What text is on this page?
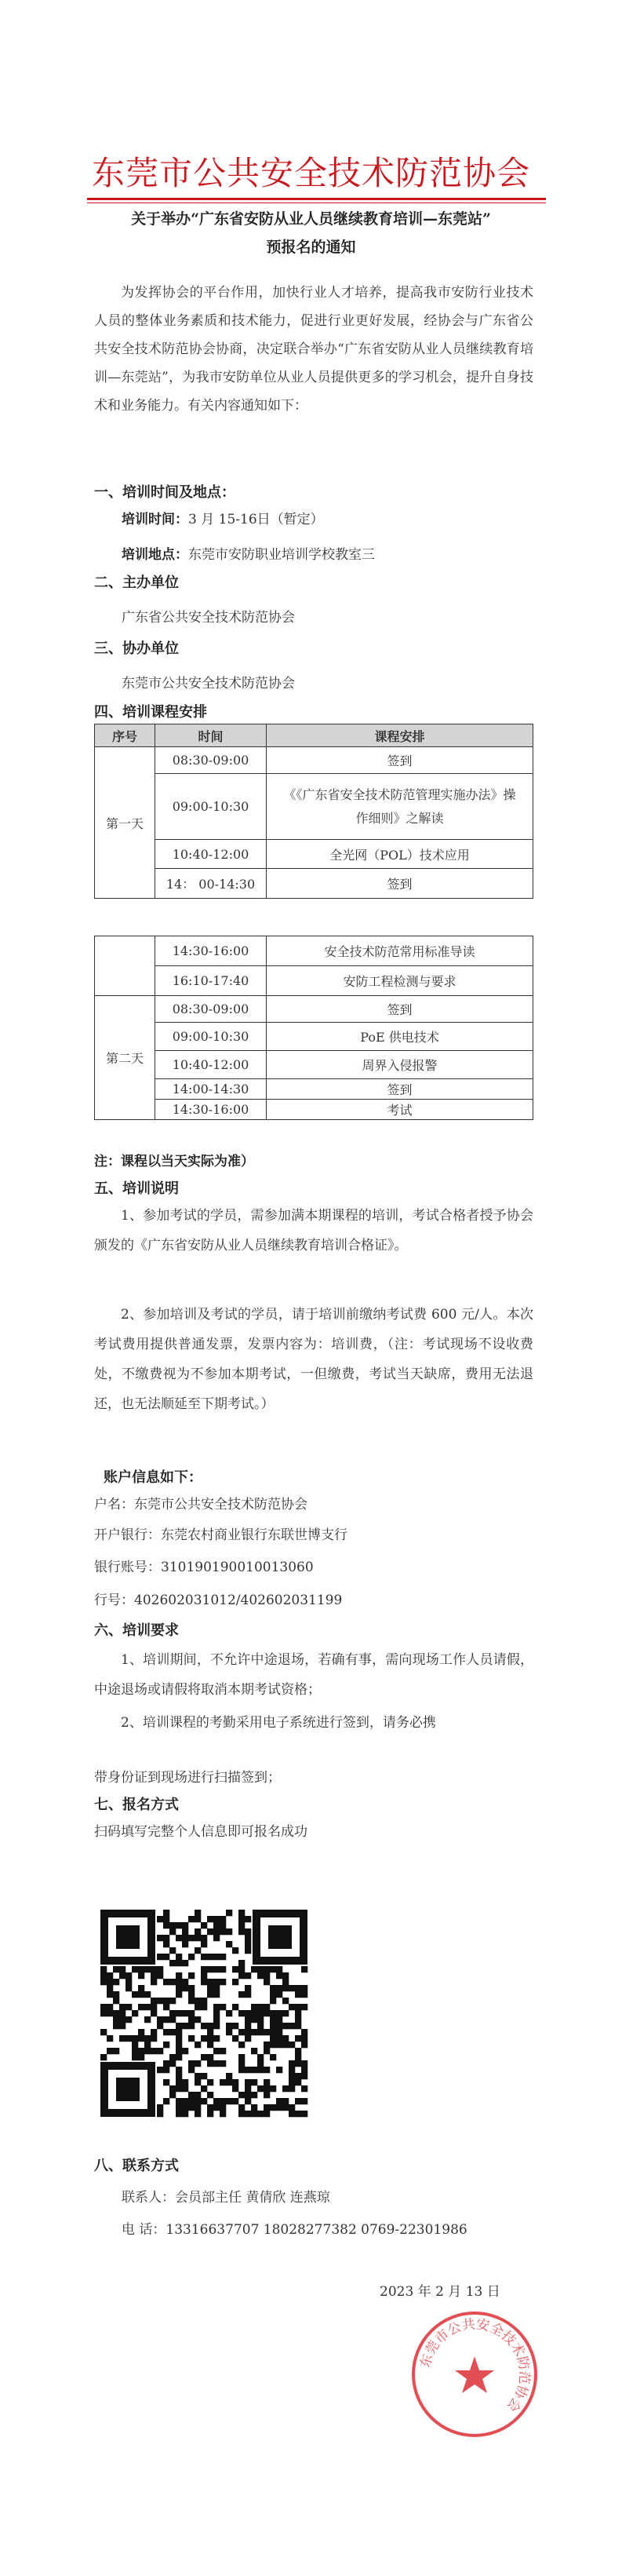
东莞市公共安全技术防范协会
关于举办“广东省安防从业人员继续教育培训—东莞站”
预报名的通知
为发挥协会的平台作用，加快行业人才培养，提高我市安防行业技术人员的整体业务素质和技术能力，促进行业更好发展，经协会与广东省公共安全技术防范协会协商，决定联合举办“广东省安防从业人员继续教育培训—东莞站”，为我市安防单位从业人员提供更多的学习机会，提升自身技术和业务能力。有关内容通知如下：
一、培训时间及地点：
培训时间：3 月 15-16日（暂定）
培训地点：东莞市安防职业培训学校教室三
二、主办单位
广东省公共安全技术防范协会
三、协办单位
东莞市公共安全技术防范协会
四、培训课程安排
序号	时间	课程安排
第一天	08:30-09:00	签到
	09:00-10:30	《《广东省安全技术防范管理实施办法》操作细则》之解读
	10:40-12:00	全光网（POL）技术应用
	14： 00-14:30	签到
	14:30-16:00	安全技术防范常用标准导读
	16:10-17:40	安防工程检测与要求
第二天	08:30-09:00	签到
	09:00-10:30	PoE 供电技术
	10:40-12:00	周界入侵报警
	14:00-14:30	签到
	14:30-16:00	考试
注：课程以当天实际为准）
五、培训说明
1、参加考试的学员，需参加满本期课程的培训，考试合格者授予协会颁发的《广东省安防从业人员继续教育培训合格证》。
2、参加培训及考试的学员，请于培训前缴纳考试费 600 元/人。本次考试费用提供普通发票，发票内容为：培训费，（注：考试现场不设收费处，不缴费视为不参加本期考试，一但缴费，考试当天缺席，费用无法退还，也无法顺延至下期考试。）
账户信息如下：
户名：东莞市公共安全技术防范协会
开户银行：东莞农村商业银行东联世博支行
银行账号：310190190010013060
行号：402602031012/402602031199
六、培训要求
1、培训期间，不允许中途退场，若确有事，需向现场工作人员请假，中途退场或请假将取消本期考试资格；
2、培训课程的考勤采用电子系统进行签到，请务必携
带身份证到现场进行扫描签到；
七、报名方式
扫码填写完整个人信息即可报名成功
八、联系方式
联系人：会员部主任 黄倩欣 连燕琼
电 话：13316637707 18028277382 0769-22301986
2023 年 2 月 13 日
东莞市公共安全技术防范协会
